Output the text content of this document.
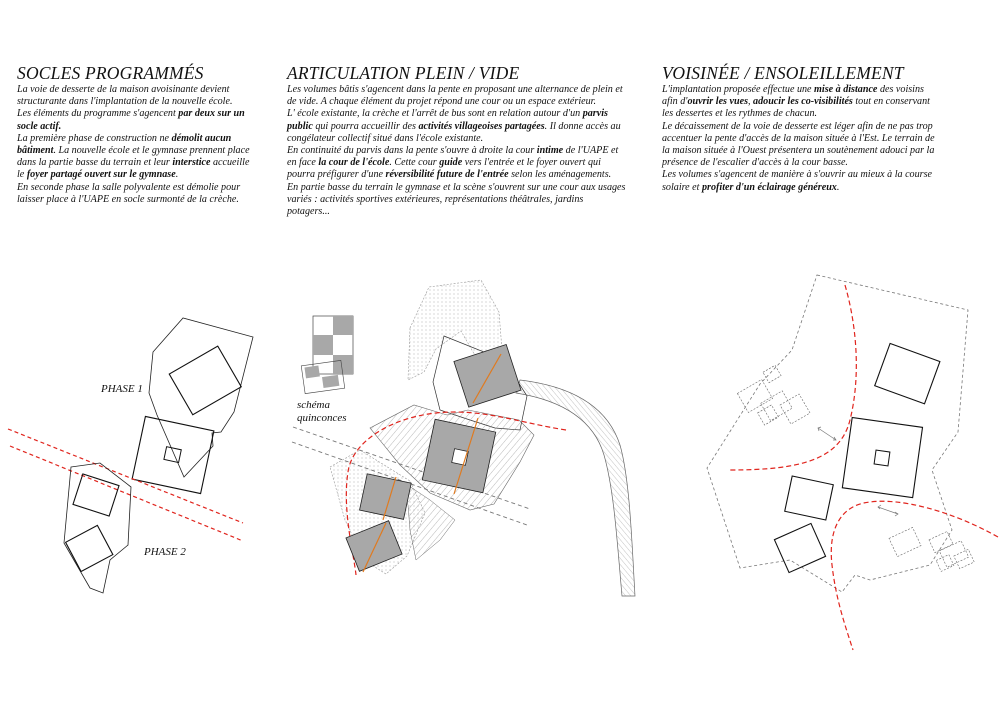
SOCLES PROGRAMMÉS

La voie de desserte de la maison avoisinante devient structurante dans l'implantation de la nouvelle école.

Les éléments du programme s'agencent par deux sur un socle actif.

La première phase de construction ne démolit aucun bâtiment. La nouvelle école et le gymnase prennent place dans la partie basse du terrain et leur interstice accueille le foyer partagé ouvert sur le gymnase.

En seconde phase la salle polyvalente est démolie pour laisser place à l'UAPE en socle surmonté de la crèche.

ARTICULATION PLEIN / VIDE

Les volumes bâtis s'agencent dans la pente en proposant une alternance de plein et de vide. A chaque élément du projet répond une cour ou un espace extérieur.

L' école existante, la crèche et l'arrêt de bus sont en relation autour d'un parvis public qui pourra accueillir des activités villageoises partagées. Il donne accès au congélateur collectif situé dans l'école existante.

En continuité du parvis dans la pente s'ouvre à droite la cour intime de l'UAPE et en face la cour de l'école. Cette cour guide vers l'entrée et le foyer ouvert qui pourra préfigurer d'une réversibilité future de l'entrée selon les aménagements.

En partie basse du terrain le gymnase et la scène s'ouvrent sur une cour aux usages variés : activités sportives extérieures, représentations théâtrales, jardins potagers...

VOISINÉE / ENSOLEILLEMENT

L'implantation proposée effectue une mise à distance des voisins afin d'ouvrir les vues, adoucir les co-visibilités tout en conservant les dessertes et les rythmes de chacun.

Le décaissement de la voie de desserte est léger afin de ne pas trop accentuer la pente d'accès de la maison située à l'Est. Le terrain de la maison située à l'Ouest présentera un soutènement adouci par la présence de l'escalier d'accès à la cour basse.

Les volumes s'agencent de manière à s'ouvrir au mieux à la course solaire et profiter d'un éclairage généreux.

PHASE 1
PHASE 2
schéma
quinconces
